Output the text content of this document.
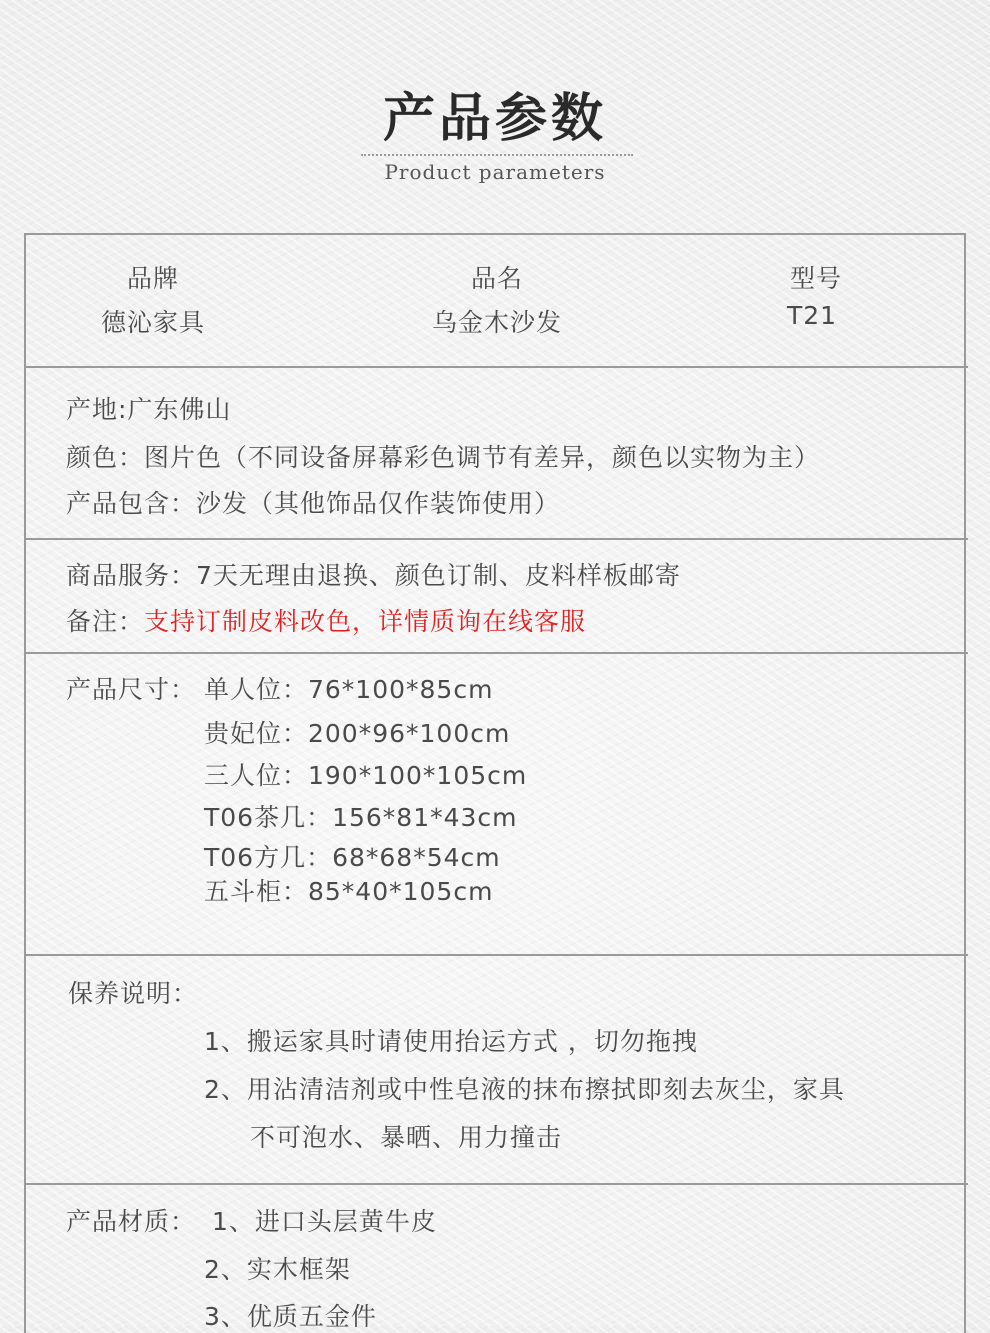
产品参数
Product parameters
品牌
德沁家具
品名
乌金木沙发
型号
T21
产地:广东佛山
颜色：图片色（不同设备屏幕彩色调节有差异，颜色以实物为主）
产品包含：沙发（其他饰品仅作装饰使用）
商品服务：7天无理由退换、颜色订制、皮料样板邮寄
备注：支持订制皮料改色，详情质询在线客服
产品尺寸： 单人位：76*100*85cm
贵妃位：200*96*100cm
三人位：190*100*105cm
T06茶几：156*81*43cm
T06方几：68*68*54cm
五斗柜：85*40*105cm
保养说明：
1、搬运家具时请使用抬运方式 ，切勿拖拽
2、用沾清洁剂或中性皂液的抹布擦拭即刻去灰尘，家具
不可泡水、暴晒、用力撞击
产品材质： 1、进口头层黄牛皮
2、实木框架
3、优质五金件
